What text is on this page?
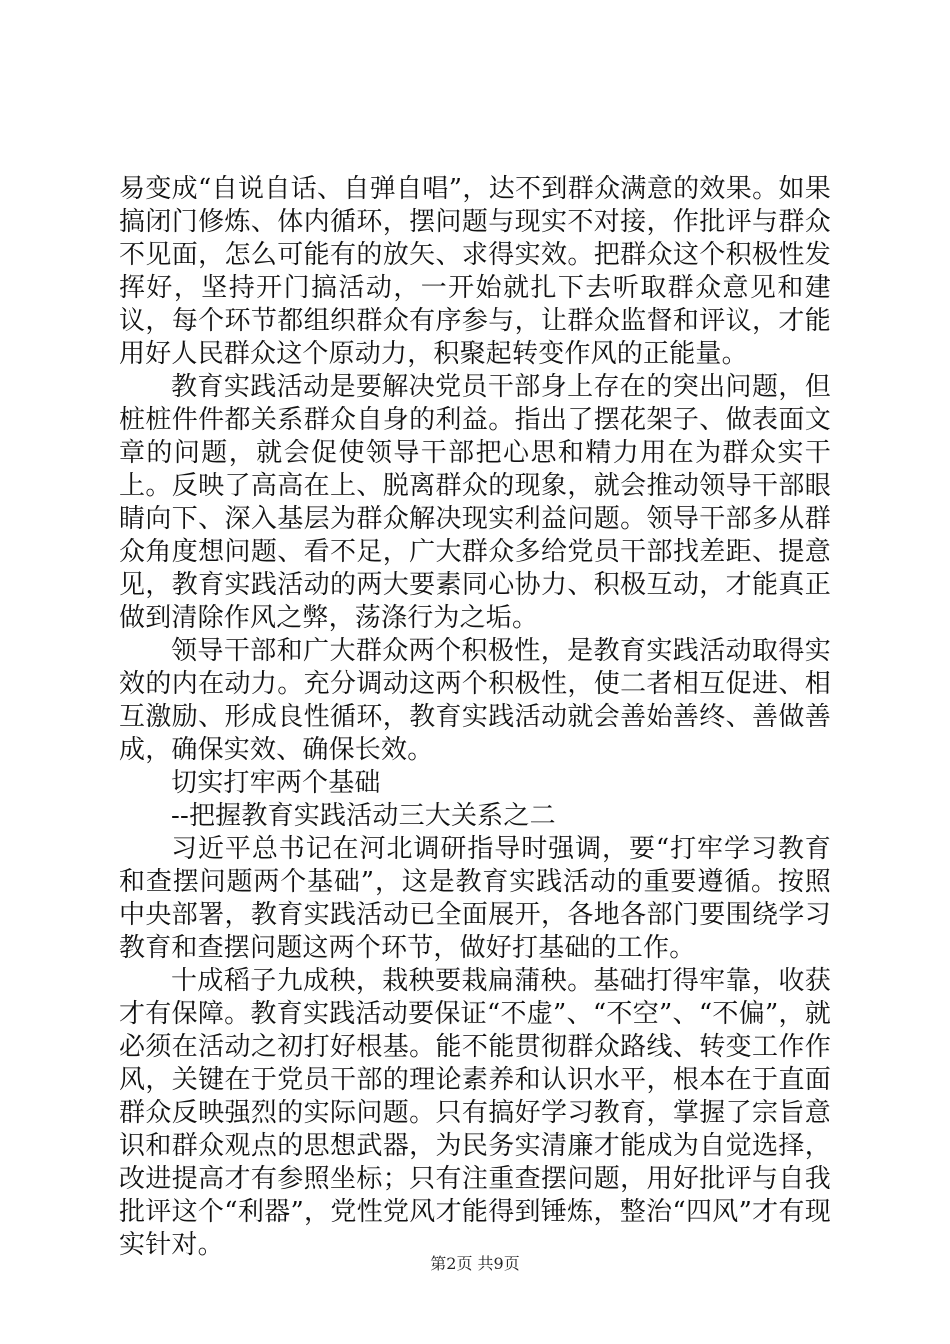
易变成“自说自话、自弹自唱”，达不到群众满意的效果。如果搞闭门修炼、体内循环，摆问题与现实不对接，作批评与群众不见面，怎么可能有的放矢、求得实效。把群众这个积极性发挥好，坚持开门搞活动，一开始就扎下去听取群众意见和建议，每个环节都组织群众有序参与，让群众监督和评议，才能用好人民群众这个原动力，积聚起转变作风的正能量。

教育实践活动是要解决党员干部身上存在的突出问题，但桩桩件件都关系群众自身的利益。指出了摆花架子、做表面文章的问题，就会促使领导干部把心思和精力用在为群众实干上。反映了高高在上、脱离群众的现象，就会推动领导干部眼睛向下、深入基层为群众解决现实利益问题。领导干部多从群众角度想问题、看不足，广大群众多给党员干部找差距、提意见，教育实践活动的两大要素同心协力、积极互动，才能真正做到清除作风之弊，荡涤行为之垢。

领导干部和广大群众两个积极性，是教育实践活动取得实效的内在动力。充分调动这两个积极性，使二者相互促进、相互激励、形成良性循环，教育实践活动就会善始善终、善做善成，确保实效、确保长效。

切实打牢两个基础

--把握教育实践活动三大关系之二

习近平总书记在河北调研指导时强调，要“打牢学习教育和查摆问题两个基础”，这是教育实践活动的重要遵循。按照中央部署，教育实践活动已全面展开，各地各部门要围绕学习教育和查摆问题这两个环节，做好打基础的工作。

十成稻子九成秧，栽秧要栽扁蒲秧。基础打得牢靠，收获才有保障。教育实践活动要保证“不虚”、“不空”、“不偏”，就必须在活动之初打好根基。能不能贯彻群众路线、转变工作作风，关键在于党员干部的理论素养和认识水平，根本在于直面群众反映强烈的实际问题。只有搞好学习教育，掌握了宗旨意识和群众观点的思想武器，为民务实清廉才能成为自觉选择，改进提高才有参照坐标；只有注重查摆问题，用好批评与自我批评这个“利器”，党性党风才能得到锤炼，整治“四风”才有现实针对。

第2页 共9页
